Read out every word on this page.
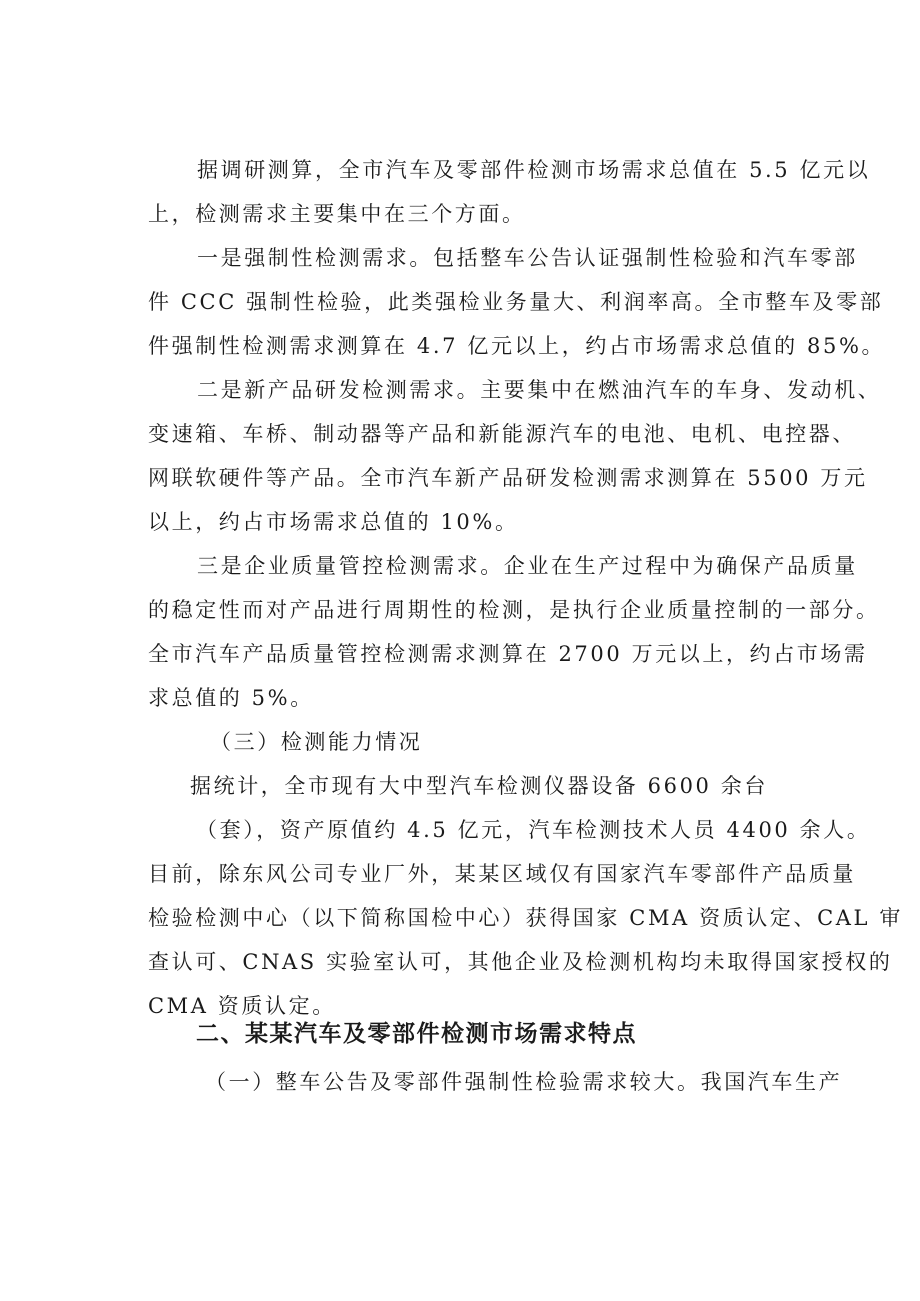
据调研测算，全市汽车及零部件检测市场需求总值在 5.5 亿元以
上，检测需求主要集中在三个方面。
一是强制性检测需求。包括整车公告认证强制性检验和汽车零部
件 CCC 强制性检验，此类强检业务量大、利润率高。全市整车及零部
件强制性检测需求测算在 4.7 亿元以上，约占市场需求总值的 85%。
二是新产品研发检测需求。主要集中在燃油汽车的车身、发动机、
变速箱、车桥、制动器等产品和新能源汽车的电池、电机、电控器、
网联软硬件等产品。全市汽车新产品研发检测需求测算在 5500 万元
以上，约占市场需求总值的 10%。
三是企业质量管控检测需求。企业在生产过程中为确保产品质量
的稳定性而对产品进行周期性的检测，是执行企业质量控制的一部分。
全市汽车产品质量管控检测需求测算在 2700 万元以上，约占市场需
求总值的 5%。
（三）检测能力情况
据统计，全市现有大中型汽车检测仪器设备 6600 余台
（套），资产原值约 4.5 亿元，汽车检测技术人员 4400 余人。
目前，除东风公司专业厂外，某某区域仅有国家汽车零部件产品质量
检验检测中心（以下简称国检中心）获得国家 CMA 资质认定、CAL 审
查认可、CNAS 实验室认可，其他企业及检测机构均未取得国家授权的
CMA 资质认定。
二、某某汽车及零部件检测市场需求特点
（一）整车公告及零部件强制性检验需求较大。我国汽车生产
